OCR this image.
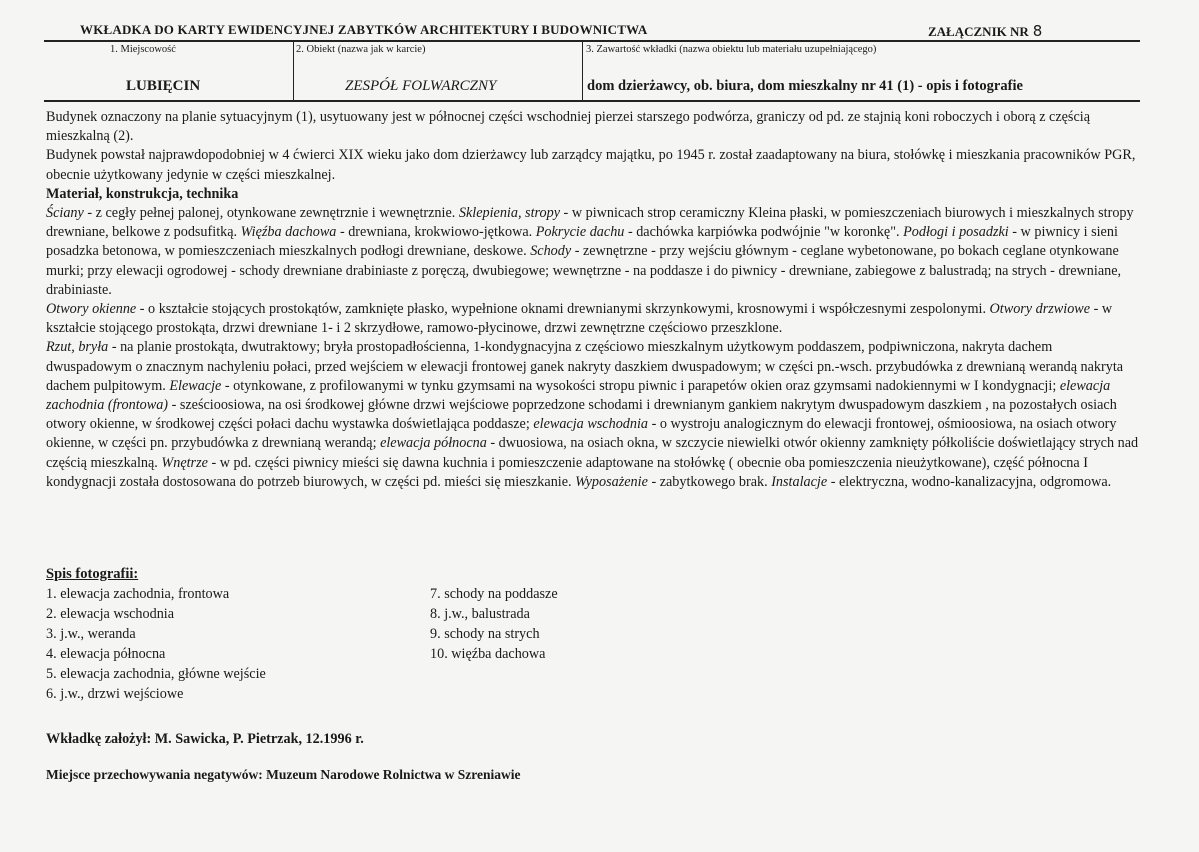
WKŁADKA DO KARTY EWIDENCYJNEJ ZABYTKÓW ARCHITEKTURY I BUDOWNICTWA	ZAŁĄCZNIK NR 8
1. Miejscowość	2. Obiekt (nazwa jak w karcie)	3. Zawartość wkładki (nazwa obiektu lub materiału uzupełniającego)
LUBIĘCIN	ZESPÓŁ FOLWARCZNY	dom dzierżawcy, ob. biura, dom mieszkalny nr 41 (1) - opis i fotografie

Budynek oznaczony na planie sytuacyjnym (1), usytuowany jest w północnej części wschodniej pierzei starszego podwórza, graniczy od pd. ze stajnią koni roboczych i oborą z częścią mieszkalną (2).

Budynek powstał najprawdopodobniej w 4 ćwierci XIX wieku jako dom dzierżawcy lub zarządcy majątku, po 1945 r. został zaadaptowany na biura, stołówkę i mieszkania pracowników PGR, obecnie użytkowany jedynie w części mieszkalnej.

Materiał, konstrukcja, technika

Ściany - z cegły pełnej palonej, otynkowane zewnętrznie i wewnętrznie. Sklepienia, stropy - w piwnicach strop ceramiczny Kleina płaski, w pomieszczeniach biurowych i mieszkalnych stropy drewniane, belkowe z podsufitką. Więźba dachowa - drewniana, krokwiowo-jętkowa. Pokrycie dachu - dachówka karpiówka podwójnie "w koronkę". Podłogi i posadzki - w piwnicy i sieni posadzka betonowa, w pomieszczeniach mieszkalnych podłogi drewniane, deskowe. Schody - zewnętrzne - przy wejściu głównym - ceglane wybetonowane, po bokach ceglane otynkowane murki; przy elewacji ogrodowej - schody drewniane drabiniaste z poręczą, dwubiegowe; wewnętrzne - na poddasze i do piwnicy - drewniane, zabiegowe z balustradą; na strych - drewniane, drabiniaste.

Otwory okienne - o kształcie stojących prostokątów, zamknięte płasko, wypełnione oknami drewnianymi skrzynkowymi, krosnowymi i współczesnymi zespolonymi. Otwory drzwiowe - w kształcie stojącego prostokąta, drzwi drewniane 1- i 2 skrzydłowe, ramowo-płycinowe, drzwi zewnętrzne częściowo przeszklone.

Rzut, bryła - na planie prostokąta, dwutraktowy; bryła prostopadłościenna, 1-kondygnacyjna z częściowo mieszkalnym użytkowym poddaszem, podpiwniczona, nakryta dachem dwuspadowym o znacznym nachyleniu połaci, przed wejściem w elewacji frontowej ganek nakryty daszkiem dwuspadowym; w części pn.-wsch. przybudówka z drewnianą werandą nakryta dachem pulpitowym. Elewacje - otynkowane, z profilowanymi w tynku gzymsami na wysokości stropu piwnic i parapetów okien oraz gzymsami nadokiennymi w I kondygnacji; elewacja zachodnia (frontowa) - sześcioosiowa, na osi środkowej główne drzwi wejściowe poprzedzone schodami i drewnianym gankiem nakrytym dwuspadowym daszkiem , na pozostałych osiach otwory okienne, w środkowej części połaci dachu wystawka doświetlająca poddasze; elewacja wschodnia - o wystroju analogicznym do elewacji frontowej, ośmioosiowa, na osiach otwory okienne, w części pn. przybudówka z drewnianą werandą; elewacja północna - dwuosiowa, na osiach okna, w szczycie niewielki otwór okienny zamknięty półkoliście doświetlający strych nad częścią mieszkalną. Wnętrze - w pd. części piwnicy mieści się dawna kuchnia i pomieszczenie adaptowane na stołówkę ( obecnie oba pomieszczenia nieużytkowane), część północna I kondygnacji została dostosowana do potrzeb biurowych, w części pd. mieści się mieszkanie. Wyposażenie - zabytkowego brak. Instalacje - elektryczna, wodno-kanalizacyjna, odgromowa.

Spis fotografii:
1. elewacja zachodnia, frontowa
2. elewacja wschodnia
3. j.w., weranda
4. elewacja północna
5. elewacja zachodnia, główne wejście
6. j.w., drzwi wejściowe
7. schody na poddasze
8. j.w., balustrada
9. schody na strych
10. więźba dachowa
Wkładkę założył: M. Sawicka, P. Pietrzak, 12.1996 r.
Miejsce przechowywania negatywów: Muzeum Narodowe Rolnictwa w Szreniawie
